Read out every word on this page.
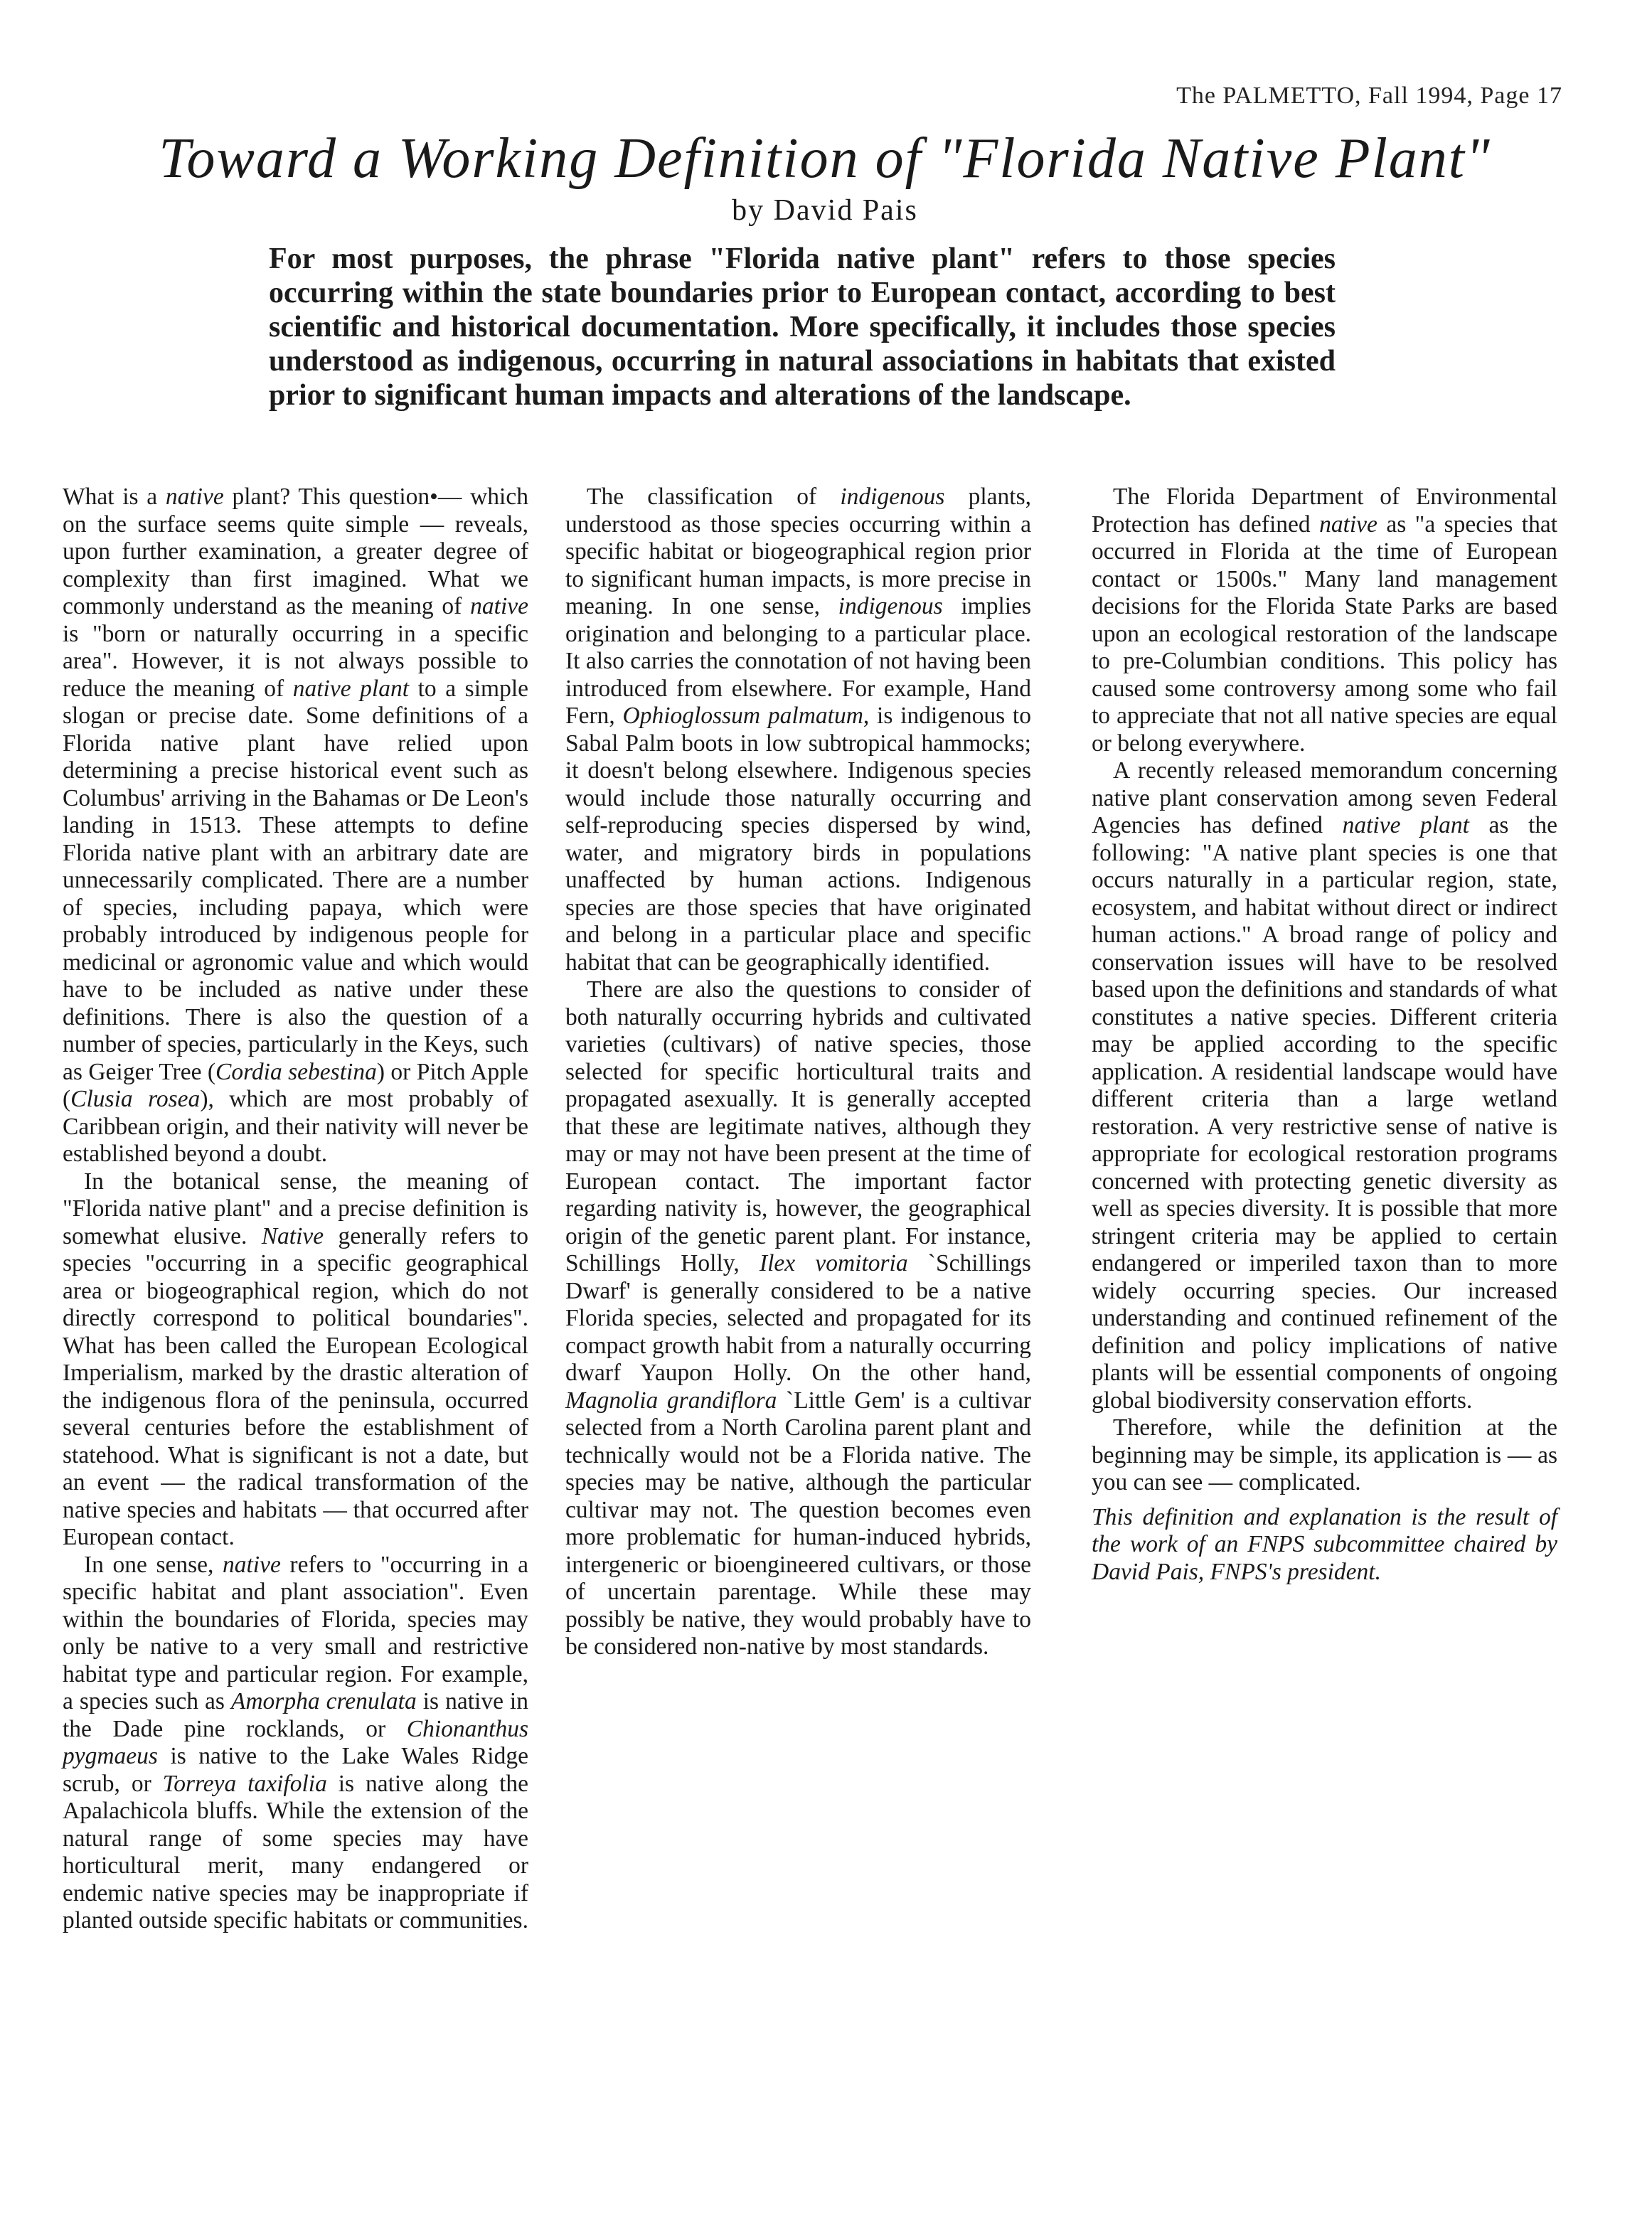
The PALMETTO, Fall 1994, Page 17
Toward a Working Definition of "Florida Native Plant"
by David Pais
For most purposes, the phrase "Florida native plant" refers to those species occurring within the state boundaries prior to European contact, according to best scientific and historical documentation. More specifically, it includes those species understood as indigenous, occurring in natural associations in habitats that existed prior to significant human impacts and alterations of the landscape.

What is a native plant? This question•— which on the surface seems quite simple — reveals, upon further examination, a greater degree of complexity than first imagined. What we commonly understand as the meaning of native is "born or naturally occurring in a specific area". However, it is not always possible to reduce the meaning of native plant to a simple slogan or precise date. Some definitions of a Florida native plant have relied upon determining a precise historical event such as Columbus' arriving in the Bahamas or De Leon's landing in 1513. These attempts to define Florida native plant with an arbitrary date are unnecessarily complicated. There are a number of species, including papaya, which were probably introduced by indigenous people for medicinal or agronomic value and which would have to be included as native under these definitions. There is also the question of a number of species, particularly in the Keys, such as Geiger Tree (Cordia sebestina) or Pitch Apple (Clusia rosea), which are most probably of Caribbean origin, and their nativity will never be established beyond a doubt.

In the botanical sense, the meaning of "Florida native plant" and a precise definition is somewhat elusive. Native generally refers to species "occurring in a specific geographical area or biogeographical region, which do not directly correspond to political boundaries". What has been called the European Ecological Imperialism, marked by the drastic alteration of the indigenous flora of the peninsula, occurred several centuries before the establishment of statehood. What is significant is not a date, but an event — the radical transformation of the native species and habitats — that occurred after European contact.

In one sense, native refers to "occurring in a specific habitat and plant association". Even within the boundaries of Florida, species may only be native to a very small and restrictive habitat type and particular region. For example, a species such as Amorpha crenulata is native in the Dade pine rocklands, or Chionanthus pygmaeus is native to the Lake Wales Ridge scrub, or Torreya taxifolia is native along the Apalachicola bluffs. While the extension of the natural range of some species may have horticultural merit, many endangered or endemic native species may be inappropriate if planted outside specific habitats or communities.

The classification of indigenous plants, understood as those species occurring within a specific habitat or biogeographical region prior to significant human impacts, is more precise in meaning. In one sense, indigenous implies origination and belonging to a particular place. It also carries the connotation of not having been introduced from elsewhere. For example, Hand Fern, Ophioglossum palmatum, is indigenous to Sabal Palm boots in low subtropical hammocks; it doesn't belong elsewhere. Indigenous species would include those naturally occurring and self-reproducing species dispersed by wind, water, and migratory birds in populations unaffected by human actions. Indigenous species are those species that have originated and belong in a particular place and specific habitat that can be geographically identified.

There are also the questions to consider of both naturally occurring hybrids and cultivated varieties (cultivars) of native species, those selected for specific horticultural traits and propagated asexually. It is generally accepted that these are legitimate natives, although they may or may not have been present at the time of European contact. The important factor regarding nativity is, however, the geographical origin of the genetic parent plant. For instance, Schillings Holly, Ilex vomitoria `Schillings Dwarf' is generally considered to be a native Florida species, selected and propagated for its compact growth habit from a naturally occurring dwarf Yaupon Holly. On the other hand, Magnolia grandiflora `Little Gem' is a cultivar selected from a North Carolina parent plant and technically would not be a Florida native. The species may be native, although the particular cultivar may not. The question becomes even more problematic for human-induced hybrids, intergeneric or bioengineered cultivars, or those of uncertain parentage. While these may possibly be native, they would probably have to be considered non-native by most standards.

The Florida Department of Environmental Protection has defined native as "a species that occurred in Florida at the time of European contact or 1500s." Many land management decisions for the Florida State Parks are based upon an ecological restoration of the landscape to pre-Columbian conditions. This policy has caused some controversy among some who fail to appreciate that not all native species are equal or belong everywhere.

A recently released memorandum concerning native plant conservation among seven Federal Agencies has defined native plant as the following: "A native plant species is one that occurs naturally in a particular region, state, ecosystem, and habitat without direct or indirect human actions." A broad range of policy and conservation issues will have to be resolved based upon the definitions and standards of what constitutes a native species. Different criteria may be applied according to the specific application. A residential landscape would have different criteria than a large wetland restoration. A very restrictive sense of native is appropriate for ecological restoration programs concerned with protecting genetic diversity as well as species diversity. It is possible that more stringent criteria may be applied to certain endangered or imperiled taxon than to more widely occurring species. Our increased understanding and continued refinement of the definition and policy implications of native plants will be essential components of ongoing global biodiversity conservation efforts.

Therefore, while the definition at the beginning may be simple, its application is — as you can see — complicated.

This definition and explanation is the result of the work of an FNPS subcommittee chaired by David Pais, FNPS's president.
